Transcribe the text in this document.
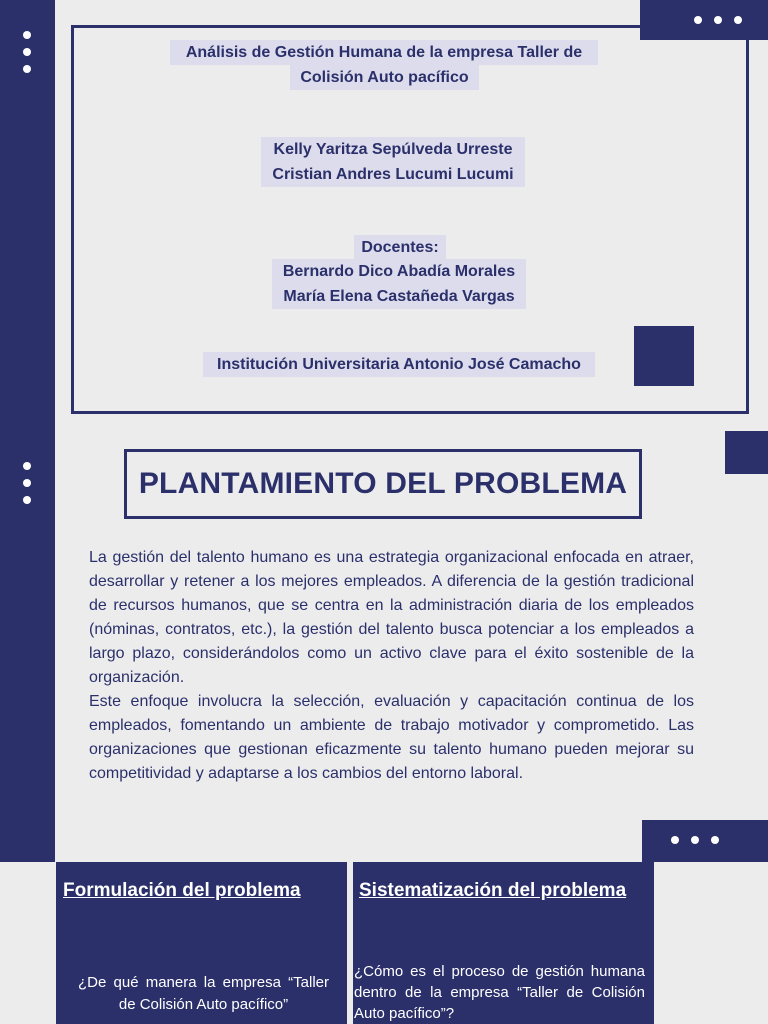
Análisis de Gestión Humana de la empresa Taller de
Colisión Auto pacífico
Kelly Yaritza Sepúlveda Urreste
Cristian Andres Lucumi Lucumi
Docentes:
Bernardo Dico Abadía Morales
María Elena Castañeda Vargas
Institución Universitaria Antonio José Camacho
PLANTAMIENTO DEL PROBLEMA

La gestión del talento humano es una estrategia organizacional enfocada en atraer, desarrollar y retener a los mejores empleados. A diferencia de la gestión tradicional de recursos humanos, que se centra en la administración diaria de los empleados (nóminas, contratos, etc.), la gestión del talento busca potenciar a los empleados a largo plazo, considerándolos como un activo clave para el éxito sostenible de la organización.

Este enfoque involucra la selección, evaluación y capacitación continua de los empleados, fomentando un ambiente de trabajo motivador y comprometido. Las organizaciones que gestionan eficazmente su talento humano pueden mejorar su competitividad y adaptarse a los cambios del entorno laboral.

Formulación del problema
¿De qué manera la empresa “Taller de Colisión Auto pacífico”
Sistematización del problema
¿Cómo es el proceso de gestión humana dentro de la empresa “Taller de Colisión Auto pacífico”?
